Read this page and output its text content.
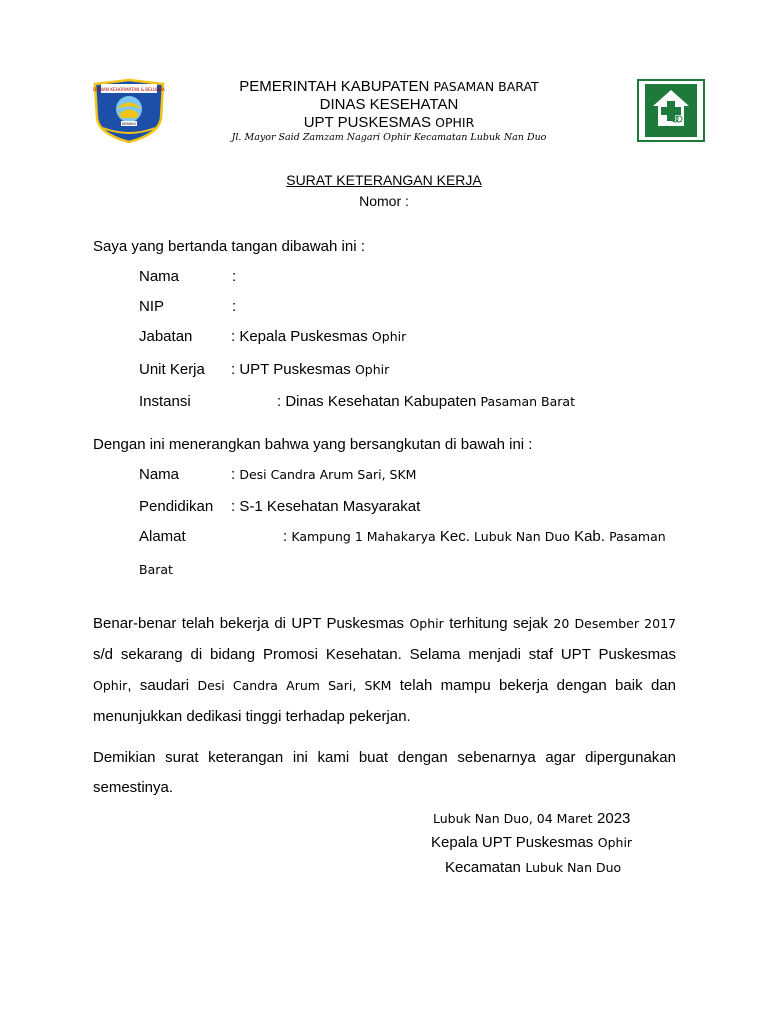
DEWAN KEHORMATAN & BELUDRA
SEBUKU
PEMERINTAH KABUPATEN PASAMAN BARAT
DINAS KESEHATAN
UPT PUSKESMAS OPHIR
Jl. Mayor Said Zamzam Nagari Ophir Kecamatan Lubuk Nan Duo
SURAT KETERANGAN KERJA
Nomor :
Saya yang bertanda tangan dibawah ini :
Nama	:
NIP	:
Jabatan	: Kepala Puskesmas Ophir
Unit Kerja : UPT Puskesmas Ophir
Instansi	: Dinas Kesehatan Kabupaten Pasaman Barat
Dengan ini menerangkan bahwa yang bersangkutan di bawah ini :
Nama	: Desi Candra Arum Sari, SKM
Pendidikan : S-1 Kesehatan Masyarakat
Alamat	: Kampung 1 Mahakarya Kec. Lubuk Nan Duo Kab. Pasaman
Barat
Benar-benar telah bekerja di UPT Puskesmas Ophir terhitung sejak 20 Desember 2017
s/d sekarang di bidang Promosi Kesehatan. Selama menjadi staf UPT Puskesmas
Ophir, saudari Desi Candra Arum Sari, SKM telah mampu bekerja dengan baik dan
menunjukkan dedikasi tinggi terhadap pekerjan.
Demikian surat keterangan ini kami buat dengan sebenarnya agar dipergunakan
semestinya.
Lubuk Nan Duo, 04 Maret 2023
Kepala UPT Puskesmas Ophir
Kecamatan Lubuk Nan Duo
